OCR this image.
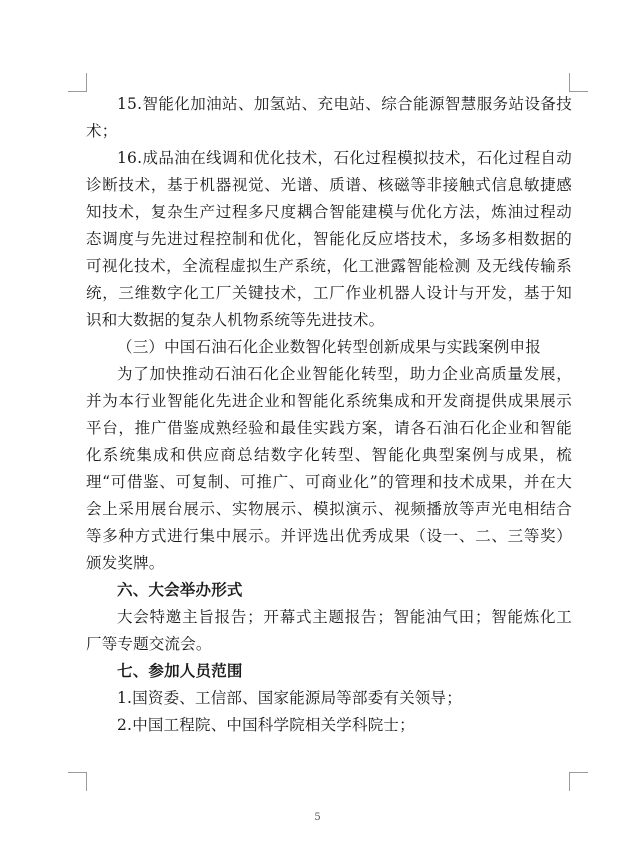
15.智能化加油站、加氢站、充电站、综合能源智慧服务站设备技术；

16.成品油在线调和优化技术，石化过程模拟技术，石化过程自动诊断技术，基于机器视觉、光谱、质谱、核磁等非接触式信息敏捷感 知技术，复杂生产过程多尺度耦合智能建模与优化方法，炼油过程动态调度与先进过程控制和优化，智能化反应塔技术，多场多相数据的可视化技术，全流程虚拟生产系统，化工泄露智能检测 及无线传输系统，三维数字化工厂关键技术，工厂作业机器人设计与开发，基于知识和大数据的复杂人机物系统等先进技术。

（三）中国石油石化企业数智化转型创新成果与实践案例申报

为了加快推动石油石化企业智能化转型，助力企业高质量发展，并为本行业智能化先进企业和智能化系统集成和开发商提供成果展示平台，推广借鉴成熟经验和最佳实践方案，请各石油石化企业和智能化系统集成和供应商总结数字化转型、智能化典型案例与成果，梳理“可借鉴、可复制、可推广、可商业化”的管理和技术成果，并在大会上采用展台展示、实物展示、模拟演示、视频播放等声光电相结合等多种方式进行集中展示。并评选出优秀成果（设一、二、三等奖）颁发奖牌。

六、大会举办形式

大会特邀主旨报告；开幕式主题报告；智能油气田；智能炼化工厂等专题交流会。

七、参加人员范围

1.国资委、工信部、国家能源局等部委有关领导；

2.中国工程院、中国科学院相关学科院士；

5
